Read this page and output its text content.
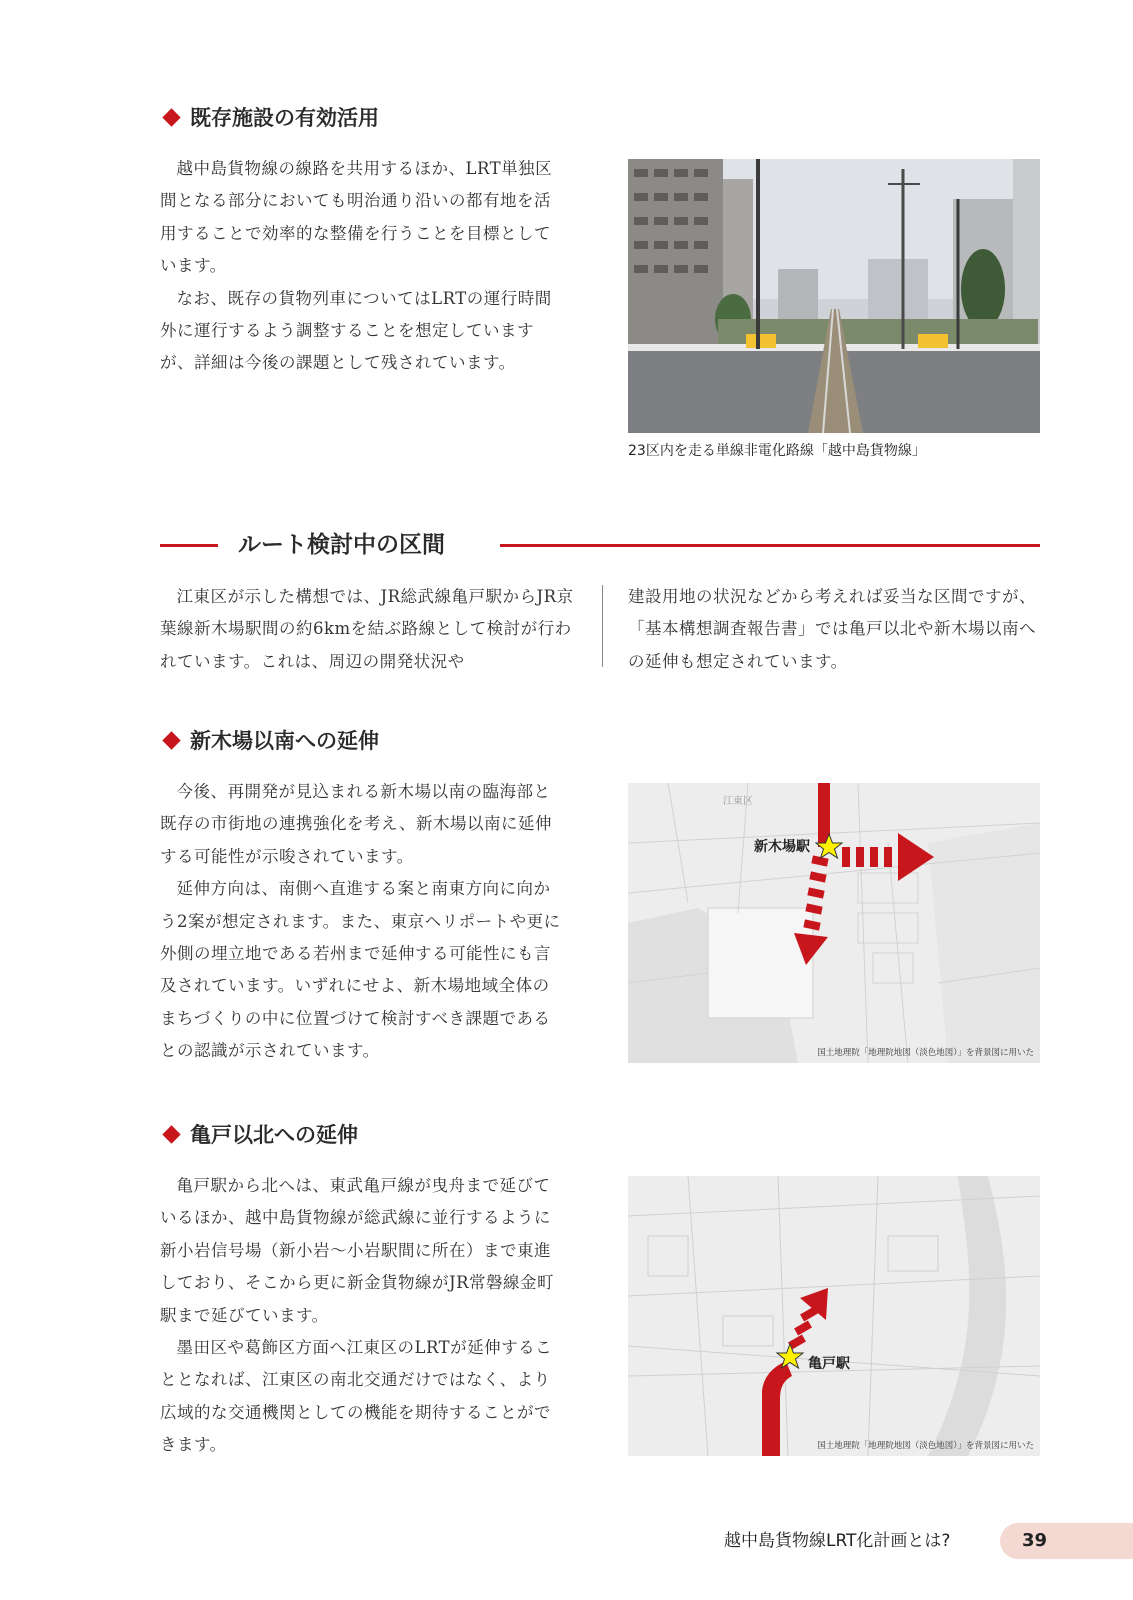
既存施設の有効活用

越中島貨物線の線路を共用するほか、LRT単独区間となる部分においても明治通り沿いの都有地を活用することで効率的な整備を行うことを目標としています。

なお、既存の貨物列車についてはLRTの運行時間外に運行するよう調整することを想定していますが、詳細は今後の課題として残されています。

23区内を走る単線非電化路線「越中島貨物線」
ルート検討中の区間

江東区が示した構想では、JR総武線亀戸駅からJR京葉線新木場駅間の約6kmを結ぶ路線として検討が行われています。これは、周辺の開発状況や

建設用地の状況などから考えれば妥当な区間ですが、「基本構想調査報告書」では亀戸以北や新木場以南への延伸も想定されています。

新木場以南への延伸

今後、再開発が見込まれる新木場以南の臨海部と既存の市街地の連携強化を考え、新木場以南に延伸する可能性が示唆されています。

延伸方向は、南側へ直進する案と南東方向に向かう2案が想定されます。また、東京ヘリポートや更に外側の埋立地である若州まで延伸する可能性にも言及されています。いずれにせよ、新木場地域全体のまちづくりの中に位置づけて検討すべき課題であるとの認識が示されています。

江東区
新木場駅
国土地理院「地理院地図（淡色地図）」を背景図に用いた
亀戸以北への延伸

亀戸駅から北へは、東武亀戸線が曳舟まで延びているほか、越中島貨物線が総武線に並行するように新小岩信号場（新小岩〜小岩駅間に所在）まで東進しており、そこから更に新金貨物線がJR常磐線金町駅まで延びています。

墨田区や葛飾区方面へ江東区のLRTが延伸することとなれば、江東区の南北交通だけではなく、より広域的な交通機関としての機能を期待することができます。

亀戸駅
国土地理院「地理院地図（淡色地図）」を背景図に用いた
越中島貨物線LRT化計画とは?	39
